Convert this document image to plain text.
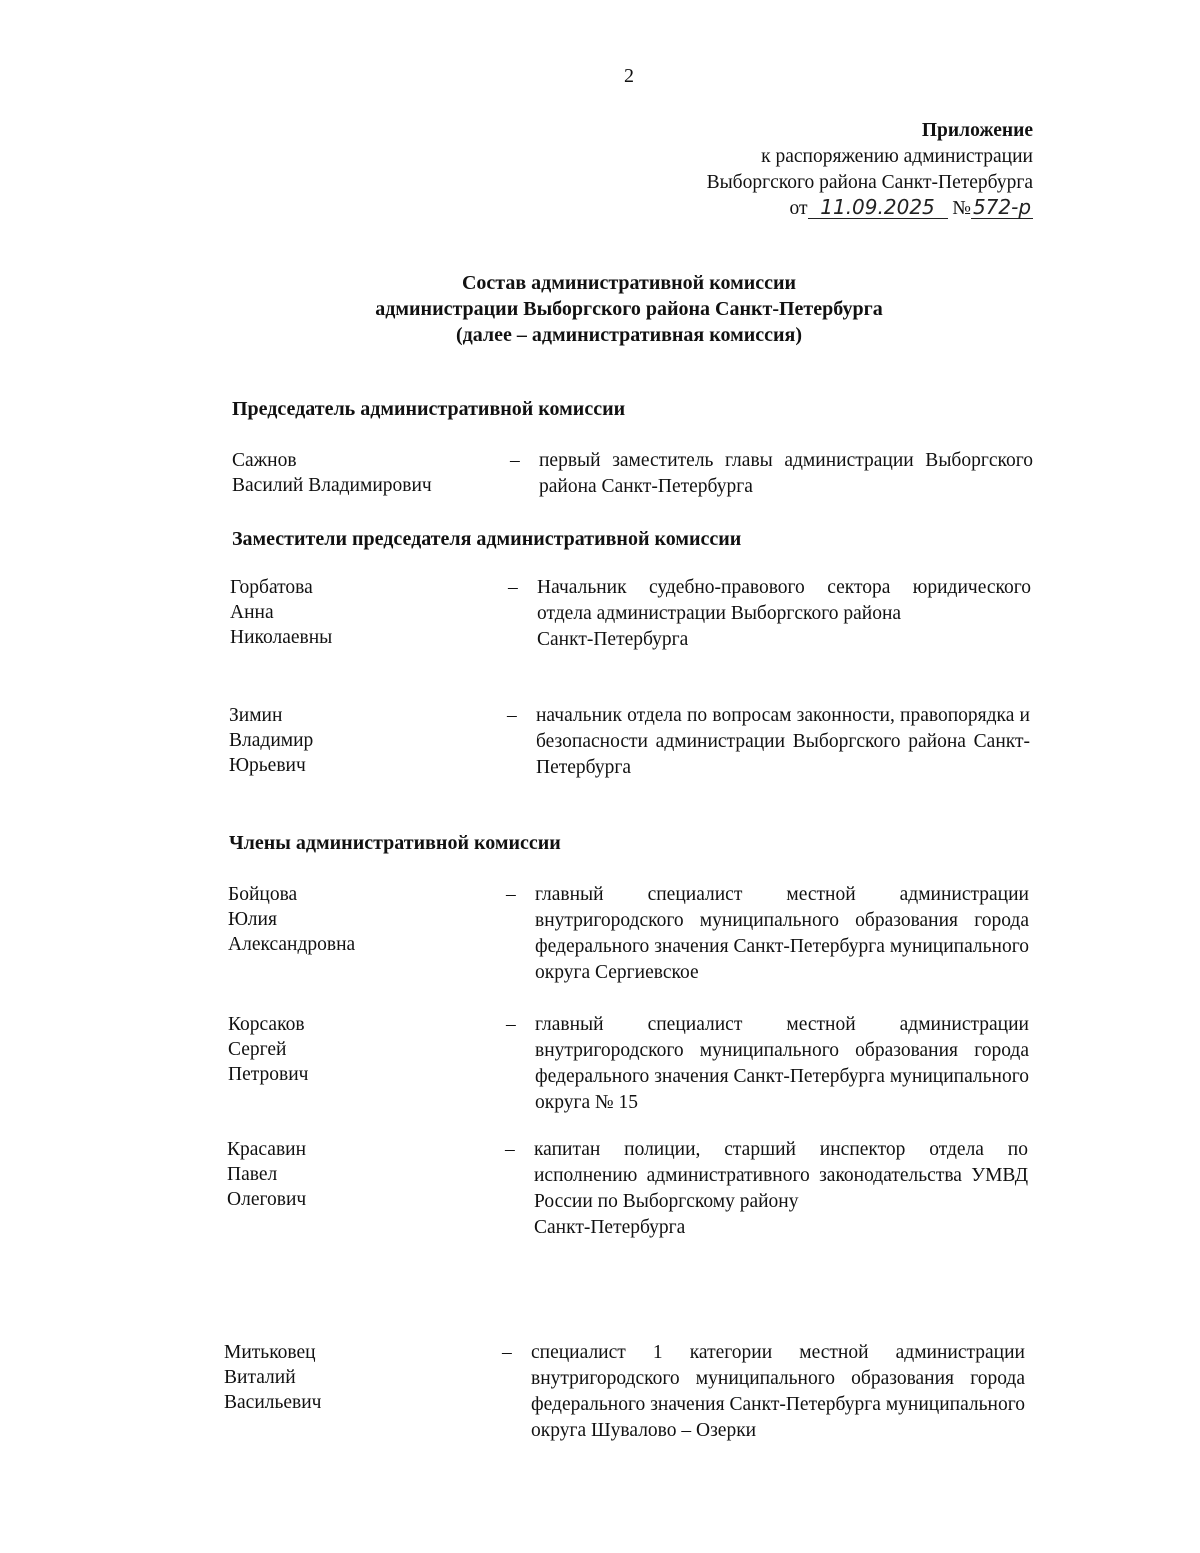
2
Приложение
к распоряжению администрации
Выборгского района Санкт-Петербурга
от 11.09.2025 №572-р
Состав административной комиссии
администрации Выборгского района Санкт-Петербурга
(далее – административная комиссия)
Председатель административной комиссии
Сажнов
Василий Владимирович
– первый заместитель главы администрации Выборгского района Санкт-Петербурга
Заместители председателя административной комиссии
Горбатова
Анна
Николаевны
– Начальник судебно-правового сектора юридического отдела администрации Выборгского района
Санкт-Петербурга
Зимин
Владимир
Юрьевич
– начальник отдела по вопросам законности, правопорядка и безопасности администрации Выборгского района Санкт-Петербурга
Члены административной комиссии
Бойцова
Юлия
Александровна
– главный специалист местной администрации внутригородского муниципального образования города федерального значения Санкт-Петербурга муниципального округа Сергиевское
Корсаков
Сергей
Петрович
– главный специалист местной администрации внутригородского муниципального образования города федерального значения Санкт-Петербурга муниципального округа № 15
Красавин
Павел
Олегович
– капитан полиции, старший инспектор отдела по исполнению административного законодательства УМВД России по Выборгскому району
Санкт-Петербурга
Митьковец
Виталий
Васильевич
– специалист 1 категории местной администрации внутригородского муниципального образования города федерального значения Санкт-Петербурга муниципального округа Шувалово – Озерки
